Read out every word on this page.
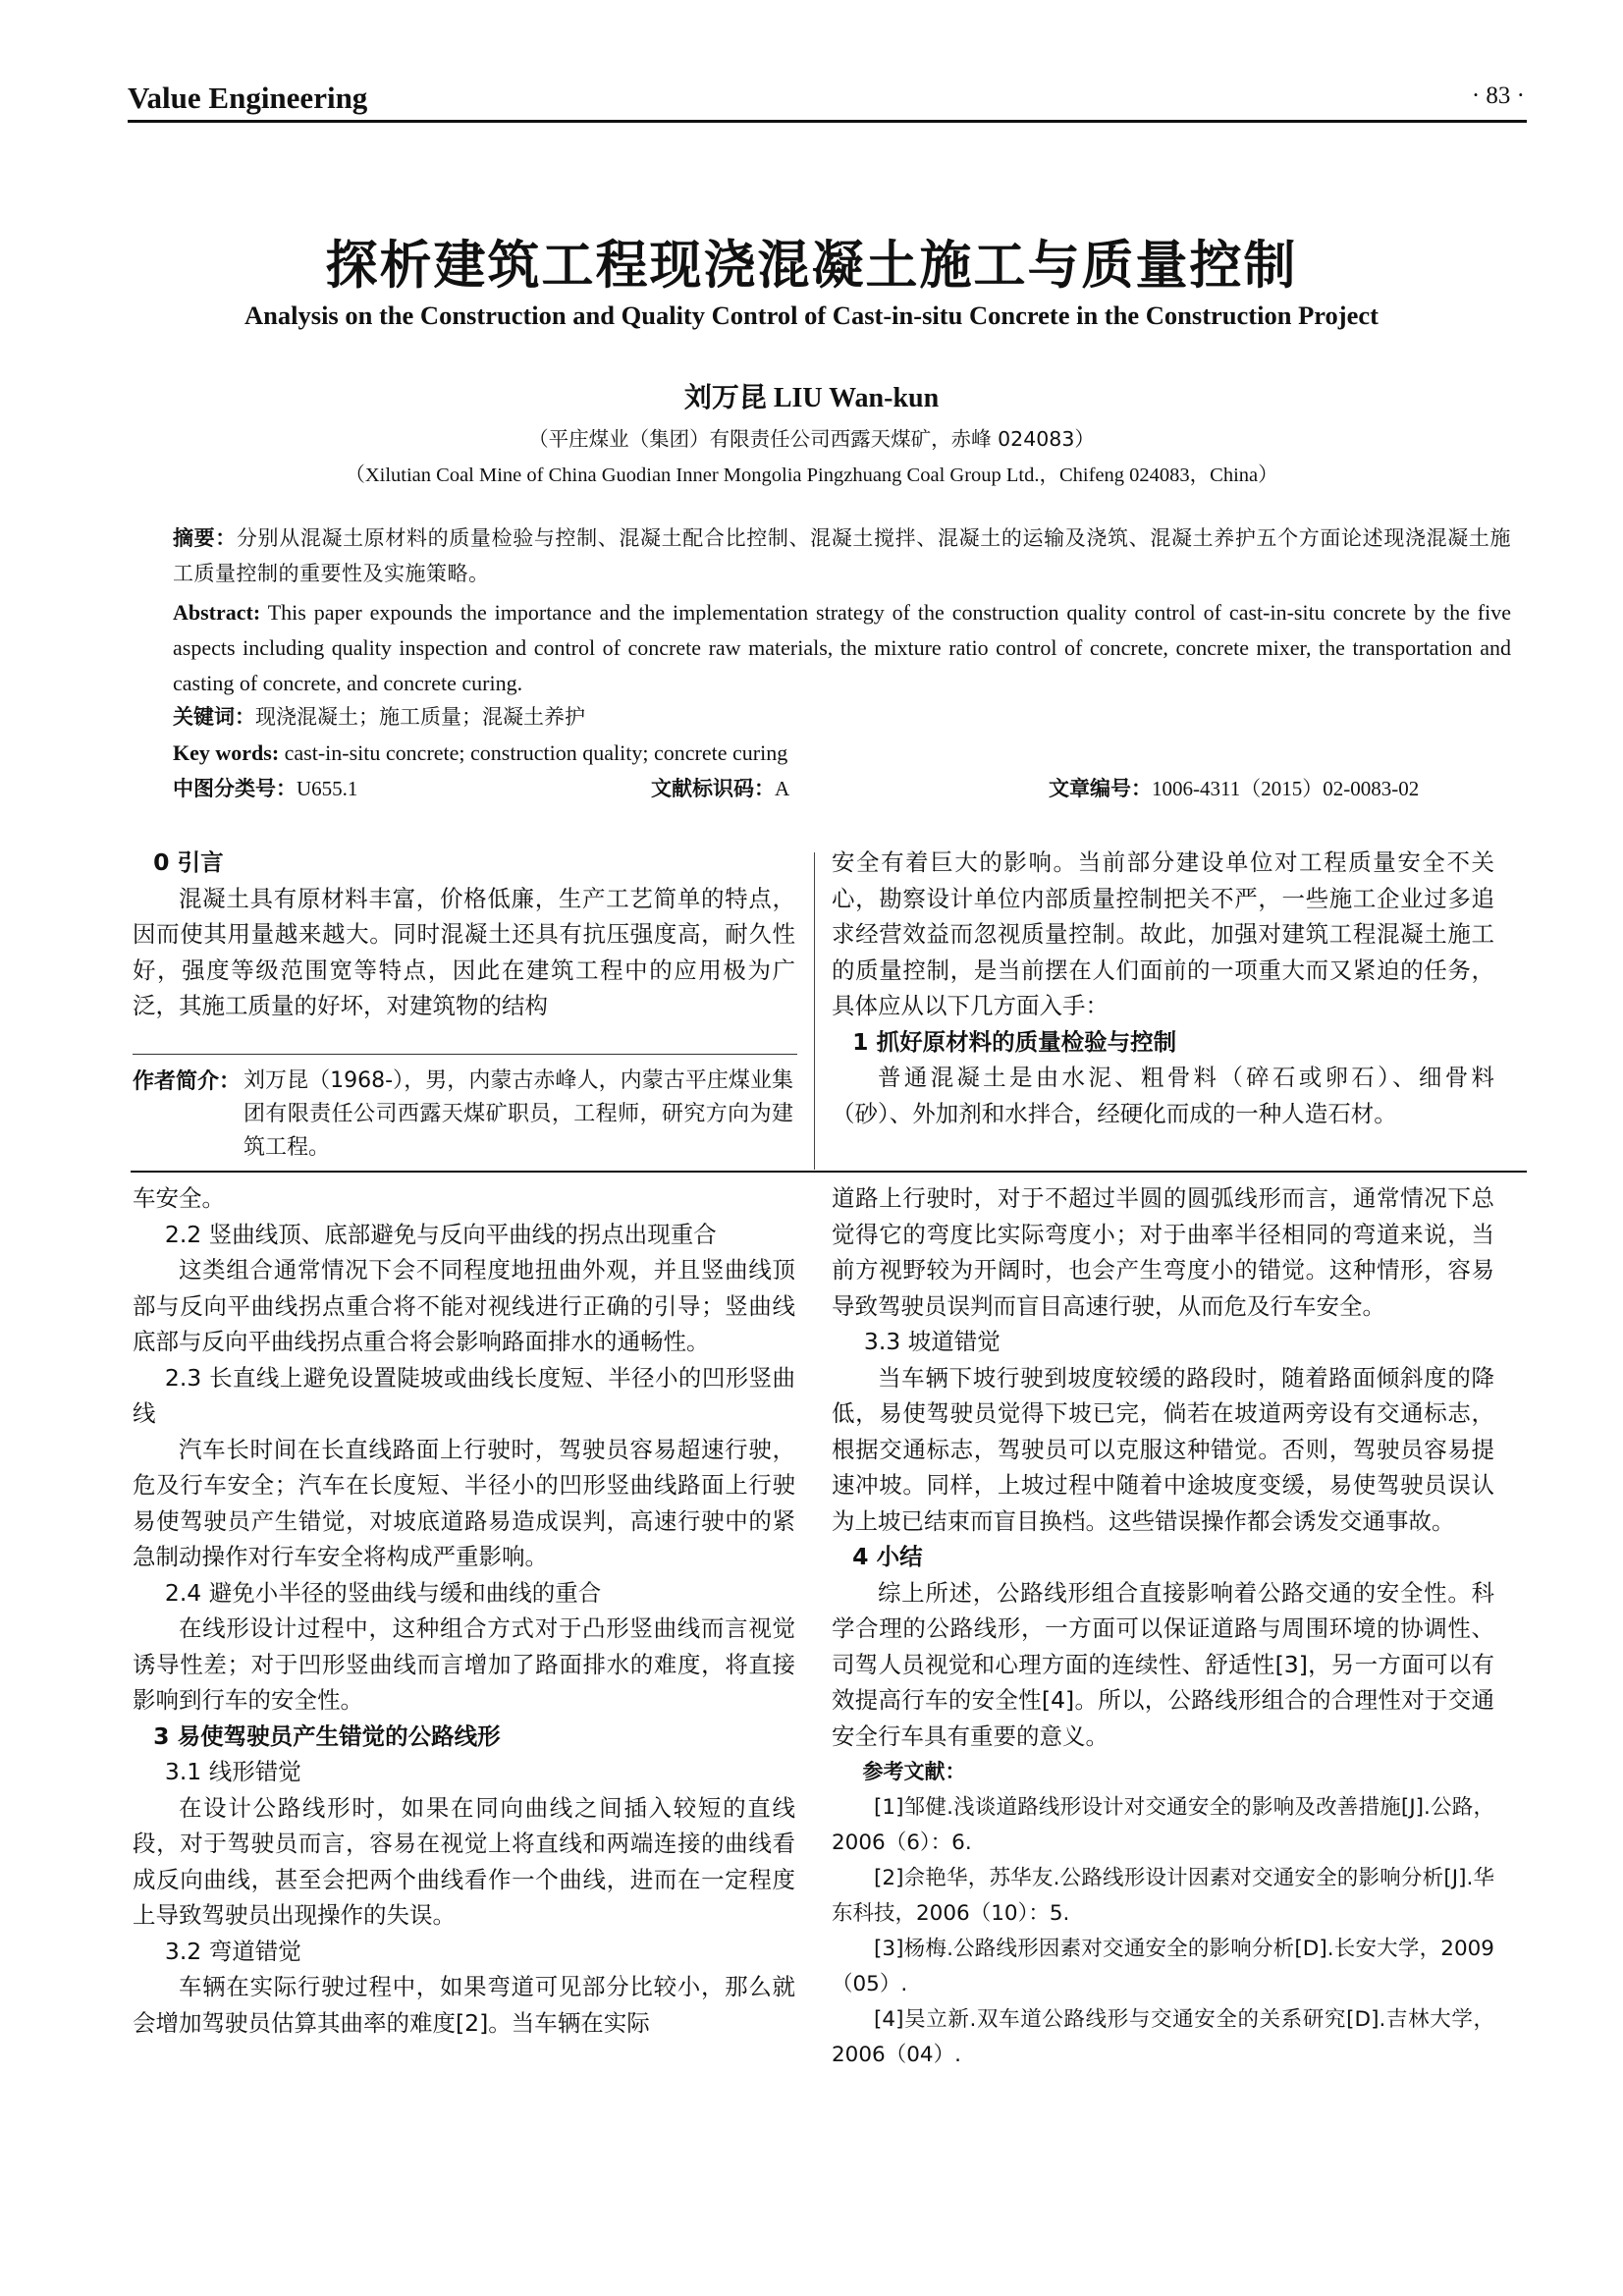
Value Engineering	· 83 ·
探析建筑工程现浇混凝土施工与质量控制
Analysis on the Construction and Quality Control of Cast-in-situ Concrete in the Construction Project
刘万昆 LIU Wan-kun
（平庄煤业（集团）有限责任公司西露天煤矿，赤峰 024083）
（Xilutian Coal Mine of China Guodian Inner Mongolia Pingzhuang Coal Group Ltd.，Chifeng 024083，China）
摘要：分别从混凝土原材料的质量检验与控制、混凝土配合比控制、混凝土搅拌、混凝土的运输及浇筑、混凝土养护五个方面论述现浇混凝土施工质量控制的重要性及实施策略。
Abstract: This paper expounds the importance and the implementation strategy of the construction quality control of cast-in-situ concrete by the five aspects including quality inspection and control of concrete raw materials, the mixture ratio control of concrete, concrete mixer, the transportation and casting of concrete, and concrete curing.
关键词：现浇混凝土；施工质量；混凝土养护
Key words: cast-in-situ concrete; construction quality; concrete curing
中图分类号：U655.1	文献标识码：A	文章编号：1006-4311（2015）02-0083-02

0 引言

混凝土具有原材料丰富，价格低廉，生产工艺简单的特点，因而使其用量越来越大。同时混凝土还具有抗压强度高，耐久性好，强度等级范围宽等特点，因此在建筑工程中的应用极为广泛，其施工质量的好坏，对建筑物的结构

作者简介： 刘万昆（1968-），男，内蒙古赤峰人，内蒙古平庄煤业集团有限责任公司西露天煤矿职员，工程师，研究方向为建筑工程。

安全有着巨大的影响。当前部分建设单位对工程质量安全不关心，勘察设计单位内部质量控制把关不严，一些施工企业过多追求经营效益而忽视质量控制。故此，加强对建筑工程混凝土施工的质量控制，是当前摆在人们面前的一项重大而又紧迫的任务，具体应从以下几方面入手：

1 抓好原材料的质量检验与控制

普通混凝土是由水泥、粗骨料（碎石或卵石）、细骨料（砂）、外加剂和水拌合，经硬化而成的一种人造石材。

车安全。

2.2 竖曲线顶、底部避免与反向平曲线的拐点出现重合

这类组合通常情况下会不同程度地扭曲外观，并且竖曲线顶部与反向平曲线拐点重合将不能对视线进行正确的引导；竖曲线底部与反向平曲线拐点重合将会影响路面排水的通畅性。

2.3 长直线上避免设置陡坡或曲线长度短、半径小的凹形竖曲线

汽车长时间在长直线路面上行驶时，驾驶员容易超速行驶，危及行车安全；汽车在长度短、半径小的凹形竖曲线路面上行驶易使驾驶员产生错觉，对坡底道路易造成误判，高速行驶中的紧急制动操作对行车安全将构成严重影响。

2.4 避免小半径的竖曲线与缓和曲线的重合

在线形设计过程中，这种组合方式对于凸形竖曲线而言视觉诱导性差；对于凹形竖曲线而言增加了路面排水的难度，将直接影响到行车的安全性。

3 易使驾驶员产生错觉的公路线形

3.1 线形错觉

在设计公路线形时，如果在同向曲线之间插入较短的直线段，对于驾驶员而言，容易在视觉上将直线和两端连接的曲线看成反向曲线，甚至会把两个曲线看作一个曲线，进而在一定程度上导致驾驶员出现操作的失误。

3.2 弯道错觉

车辆在实际行驶过程中，如果弯道可见部分比较小，那么就会增加驾驶员估算其曲率的难度[2]。当车辆在实际

道路上行驶时，对于不超过半圆的圆弧线形而言，通常情况下总觉得它的弯度比实际弯度小；对于曲率半径相同的弯道来说，当前方视野较为开阔时，也会产生弯度小的错觉。这种情形，容易导致驾驶员误判而盲目高速行驶，从而危及行车安全。

3.3 坡道错觉

当车辆下坡行驶到坡度较缓的路段时，随着路面倾斜度的降低，易使驾驶员觉得下坡已完，倘若在坡道两旁设有交通标志，根据交通标志，驾驶员可以克服这种错觉。否则，驾驶员容易提速冲坡。同样，上坡过程中随着中途坡度变缓，易使驾驶员误认为上坡已结束而盲目换档。这些错误操作都会诱发交通事故。

4 小结

综上所述，公路线形组合直接影响着公路交通的安全性。科学合理的公路线形，一方面可以保证道路与周围环境的协调性、司驾人员视觉和心理方面的连续性、舒适性[3]，另一方面可以有效提高行车的安全性[4]。所以，公路线形组合的合理性对于交通安全行车具有重要的意义。

参考文献：

[1]邹健.浅谈道路线形设计对交通安全的影响及改善措施[J].公路，2006（6）：6.

[2]佘艳华，苏华友.公路线形设计因素对交通安全的影响分析[J].华东科技，2006（10）：5.

[3]杨梅.公路线形因素对交通安全的影响分析[D].长安大学，2009（05）.

[4]吴立新.双车道公路线形与交通安全的关系研究[D].吉林大学，2006（04）.
